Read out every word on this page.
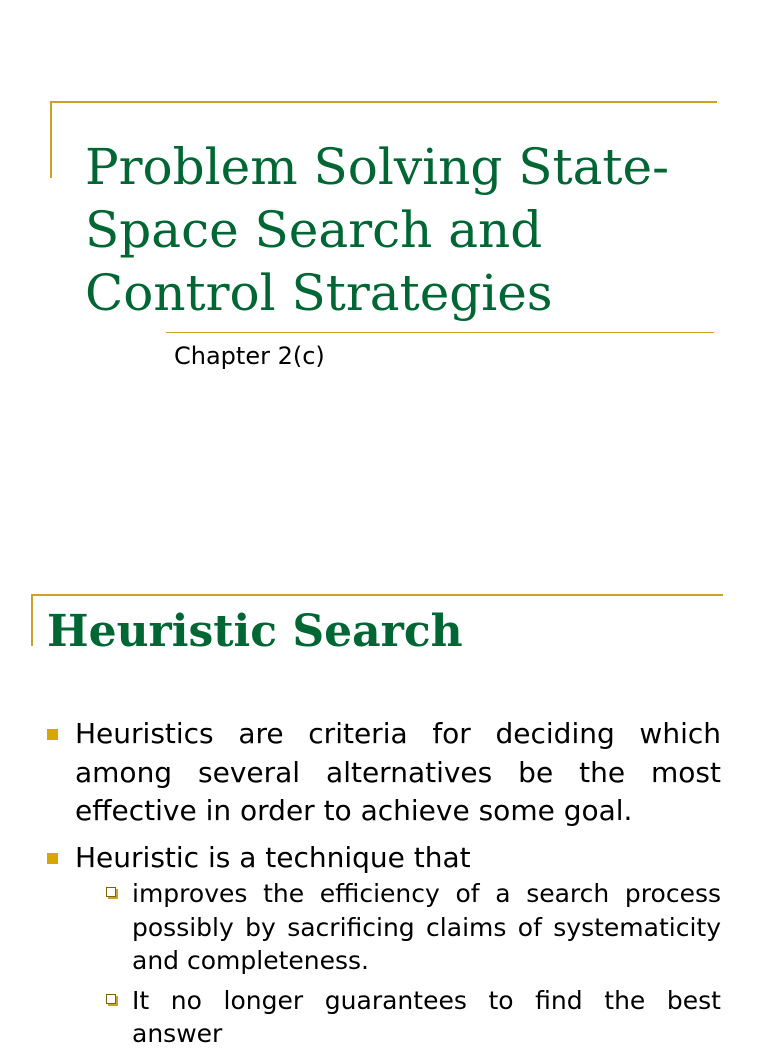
Problem Solving State-Space Search and Control Strategies

Chapter 2(c)

Heuristic Search
Heuristics are criteria for deciding which among several alternatives be the most effective in order to achieve some goal.
Heuristic is a technique that
improves the efficiency of a search process possibly by sacrificing claims of systematicity and completeness.
It no longer guarantees to find the best answer
